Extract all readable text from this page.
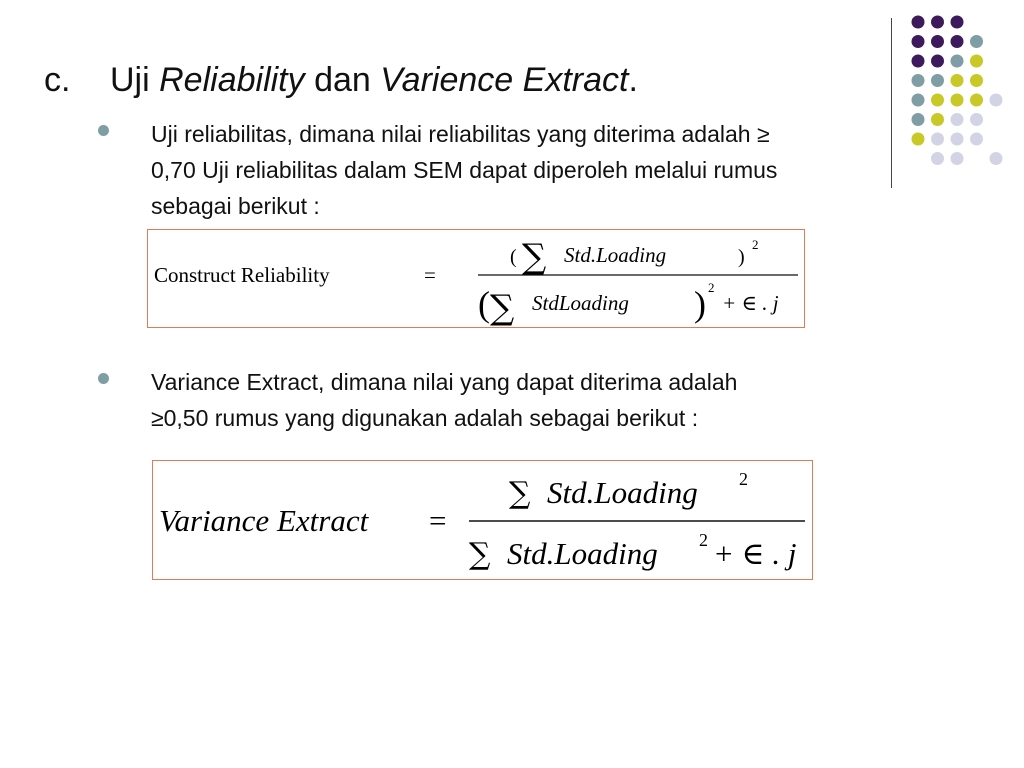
c. Uji Reliability dan Varience Extract.
Uji reliabilitas, dimana nilai reliabilitas yang diterima adalah ≥
0,70 Uji reliabilitas dalam SEM dapat diperoleh melalui rumus
sebagai berikut :
Construct Reliability	=
( ∑ Std.Loading	)
2
( ∑ StdLoading ) 2
+ ∈ . j
Variance Extract, dimana nilai yang dapat diterima adalah
≥0,50 rumus yang digunakan adalah sebagai berikut :
Variance Extract =
∑ Std.Loading 2
∑ Std.Loading 2 + ∈ . j
